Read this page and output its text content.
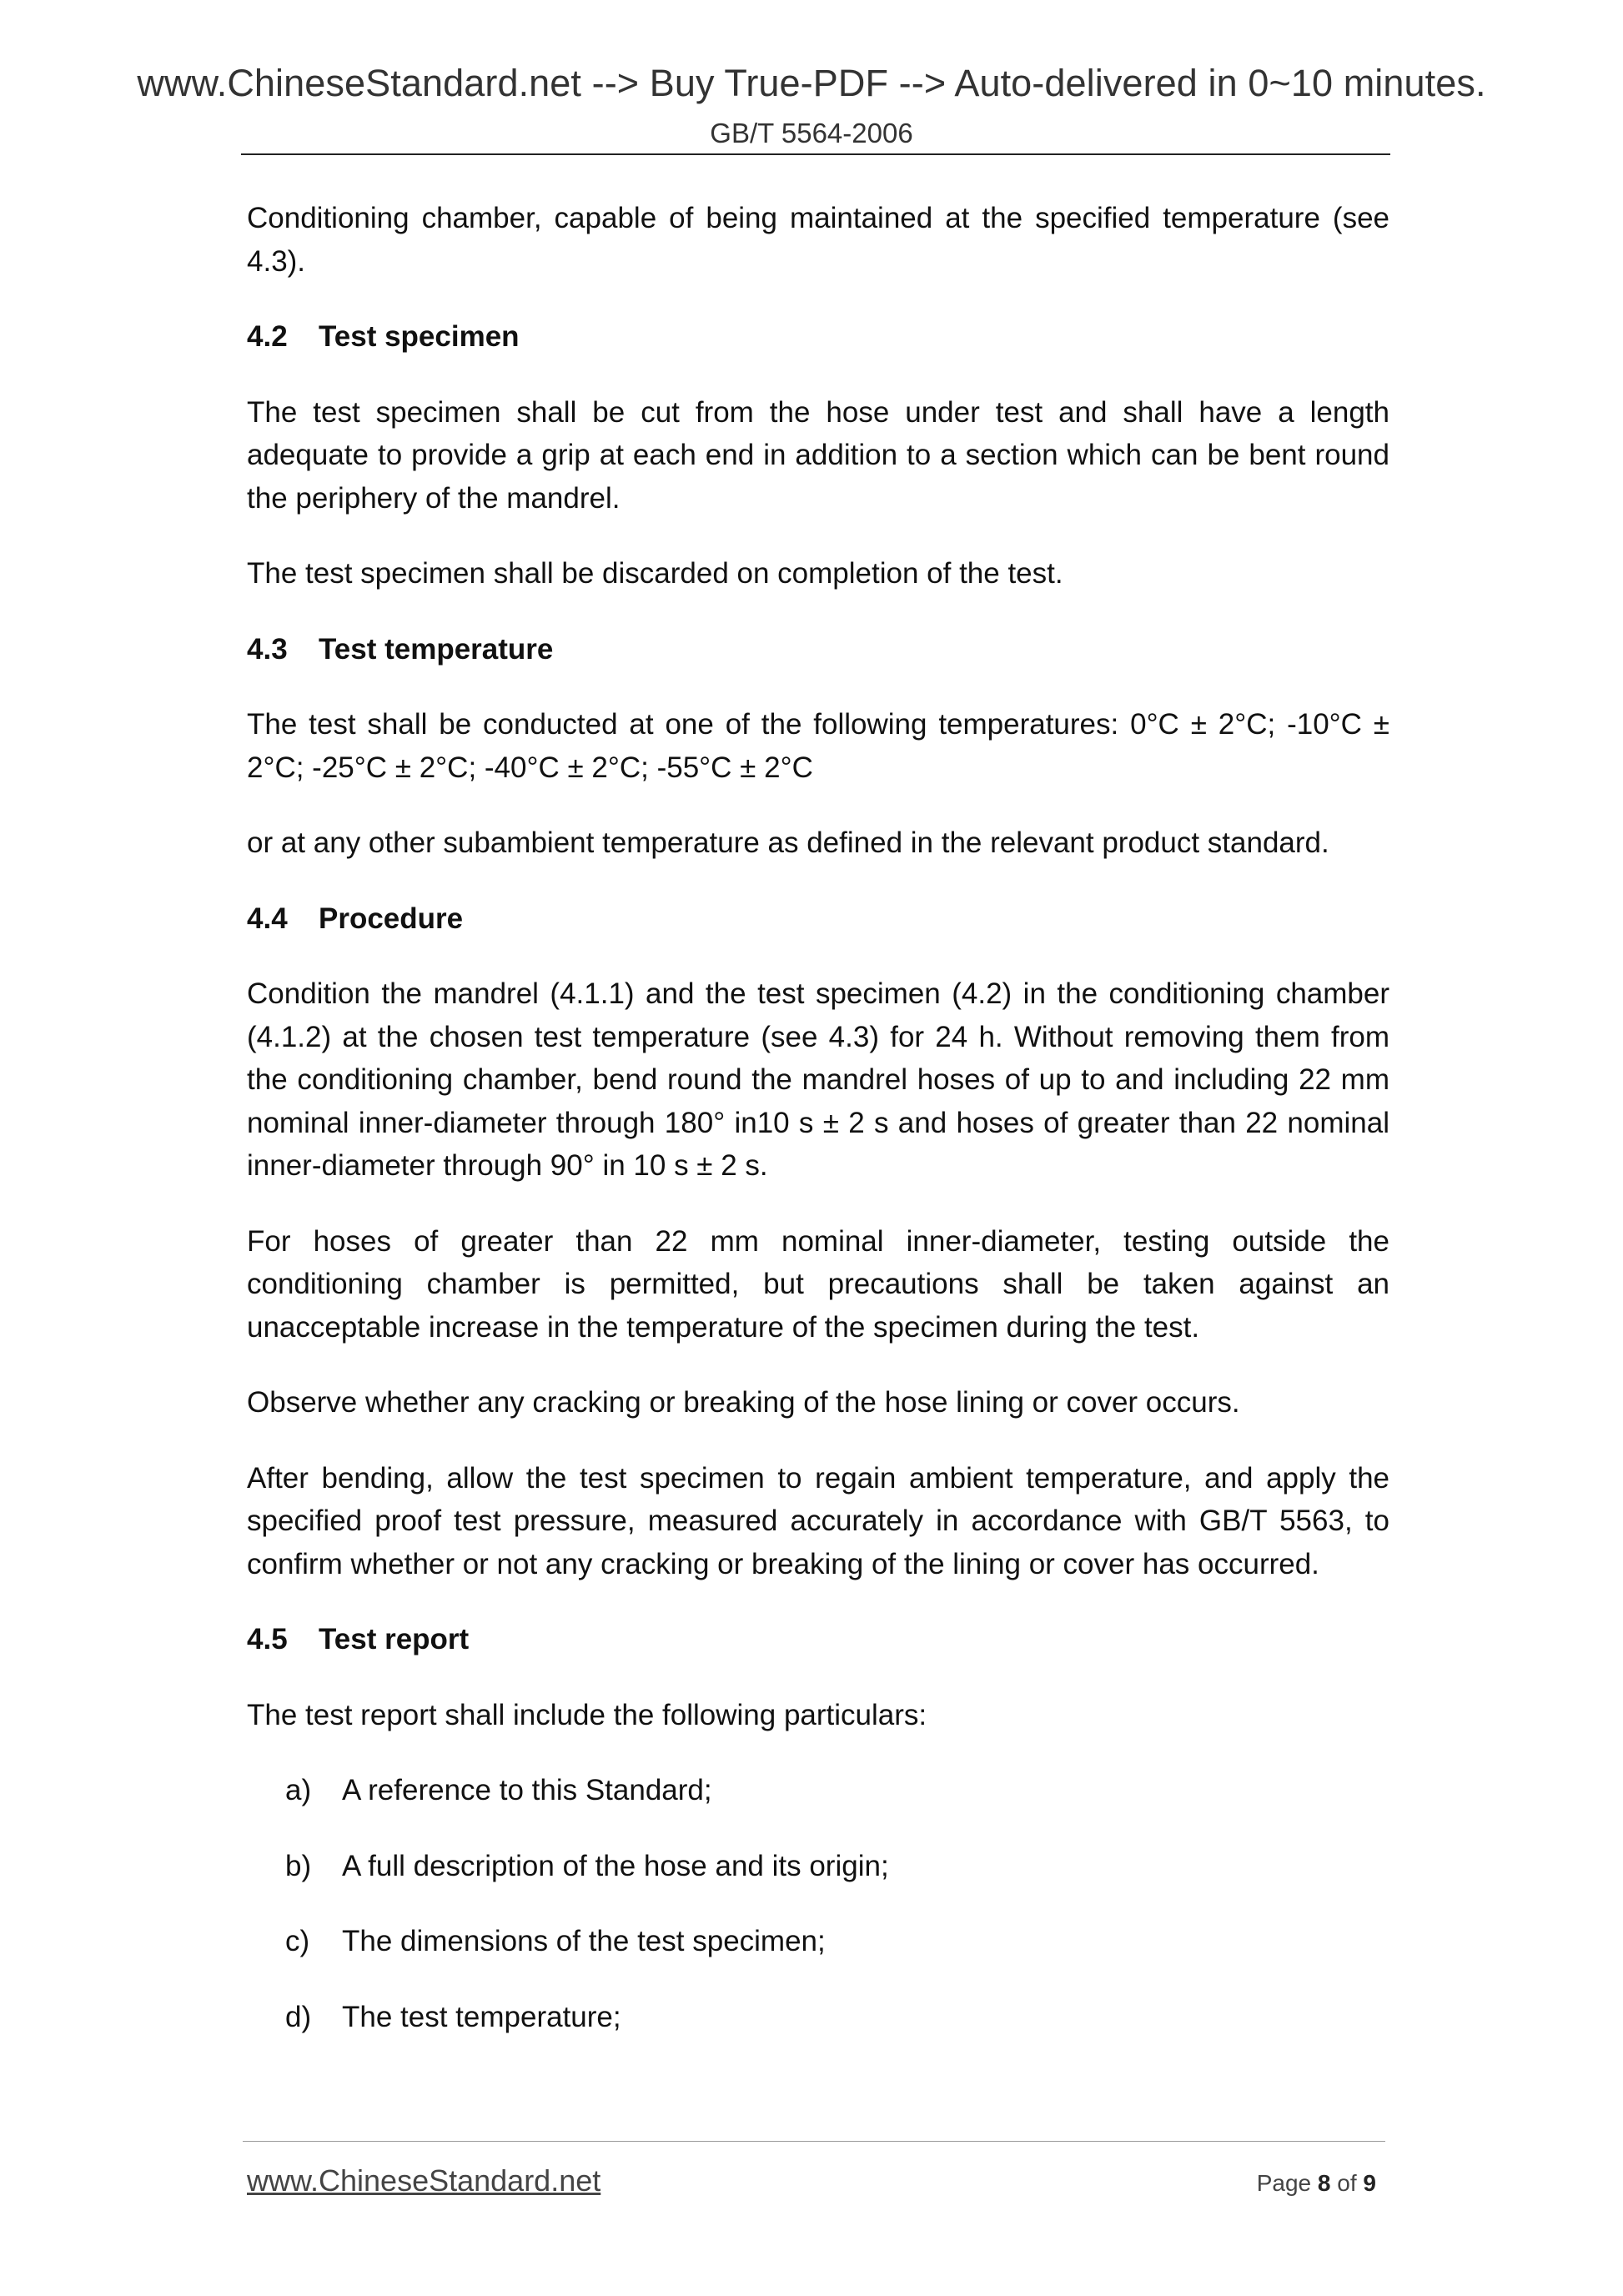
www.ChineseStandard.net --> Buy True-PDF --> Auto-delivered in 0~10 minutes.
GB/T 5564-2006

Conditioning chamber, capable of being maintained at the specified temperature (see 4.3).

4.2 Test specimen

The test specimen shall be cut from the hose under test and shall have a length adequate to provide a grip at each end in addition to a section which can be bent round the periphery of the mandrel.

The test specimen shall be discarded on completion of the test.

4.3 Test temperature

The test shall be conducted at one of the following temperatures: 0°C ± 2°C; -10°C ± 2°C; -25°C ± 2°C; -40°C ± 2°C; -55°C ± 2°C

or at any other subambient temperature as defined in the relevant product standard.

4.4 Procedure

Condition the mandrel (4.1.1) and the test specimen (4.2) in the conditioning chamber (4.1.2) at the chosen test temperature (see 4.3) for 24 h. Without removing them from the conditioning chamber, bend round the mandrel hoses of up to and including 22 mm nominal inner-diameter through 180° in10 s ± 2 s and hoses of greater than 22 nominal inner-diameter through 90° in 10 s ± 2 s.

For hoses of greater than 22 mm nominal inner-diameter, testing outside the conditioning chamber is permitted, but precautions shall be taken against an unacceptable increase in the temperature of the specimen during the test.

Observe whether any cracking or breaking of the hose lining or cover occurs.

After bending, allow the test specimen to regain ambient temperature, and apply the specified proof test pressure, measured accurately in accordance with GB/T 5563, to confirm whether or not any cracking or breaking of the lining or cover has occurred.

4.5 Test report

The test report shall include the following particulars:

a) A reference to this Standard;
b) A full description of the hose and its origin;
c) The dimensions of the test specimen;
d) The test temperature;
www.ChineseStandard.net	Page 8 of 9
